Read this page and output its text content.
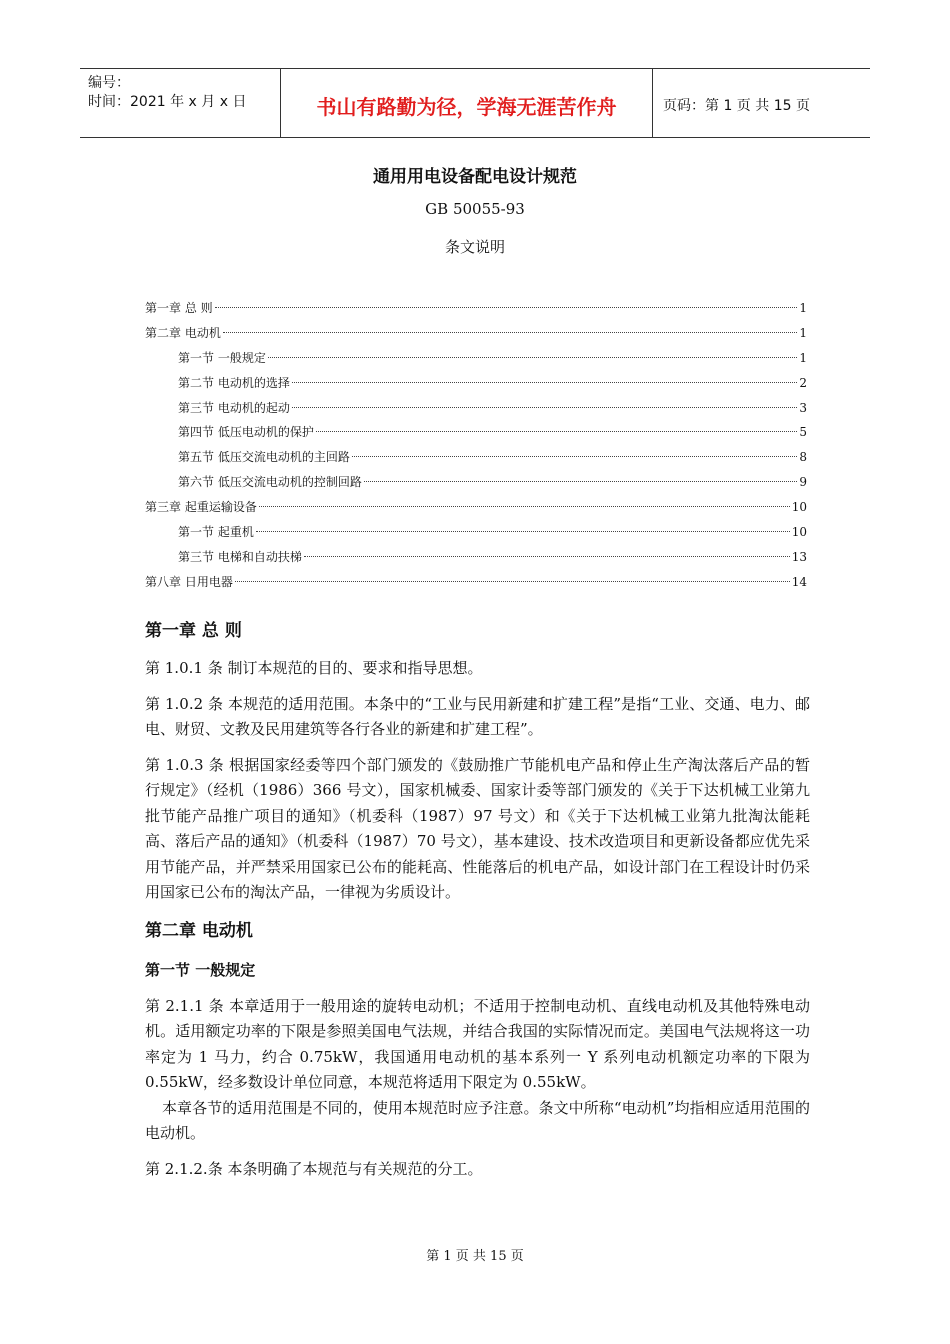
编号：
时间：2021 年 x 月 x 日	书山有路勤为径，学海无涯苦作舟	页码：第 1 页 共 15 页
通用用电设备配电设计规范
GB 50055-93
条文说明
第一章 总 则	1
第二章 电动机	1
第一节 一般规定	1
第二节 电动机的选择	2
第三节 电动机的起动	3
第四节 低压电动机的保护	5
第五节 低压交流电动机的主回路	8
第六节 低压交流电动机的控制回路	9
第三章 起重运输设备	10
第一节 起重机	10
第三节 电梯和自动扶梯	13
第八章 日用电器	14
第一章 总 则

第 1.0.1 条 制订本规范的目的、要求和指导思想。

第 1.0.2 条 本规范的适用范围。本条中的“工业与民用新建和扩建工程”是指“工业、交通、电力、邮电、财贸、文教及民用建筑等各行各业的新建和扩建工程”。

第 1.0.3 条 根据国家经委等四个部门颁发的《鼓励推广节能机电产品和停止生产淘汰落后产品的暂行规定》（经机（1986）366 号文），国家机械委、国家计委等部门颁发的《关于下达机械工业第九批节能产品推广项目的通知》（机委科（1987）97 号文）和《关于下达机械工业第九批淘汰能耗高、落后产品的通知》（机委科（1987）70 号文），基本建设、技术改造项目和更新设备都应优先采用节能产品，并严禁采用国家已公布的能耗高、性能落后的机电产品，如设计部门在工程设计时仍采用国家已公布的淘汰产品，一律视为劣质设计。

第二章 电动机
第一节 一般规定

第 2.1.1 条 本章适用于一般用途的旋转电动机；不适用于控制电动机、直线电动机及其他特殊电动机。适用额定功率的下限是参照美国电气法规，并结合我国的实际情况而定。美国电气法规将这一功率定为 1 马力，约合 0.75kW，我国通用电动机的基本系列一 Y 系列电动机额定功率的下限为 0.55kW，经多数设计单位同意，本规范将适用下限定为 0.55kW。

本章各节的适用范围是不同的，使用本规范时应予注意。条文中所称“电动机”均指相应适用范围的电动机。

第 2.1.2.条 本条明确了本规范与有关规范的分工。

第 1 页 共 15 页
